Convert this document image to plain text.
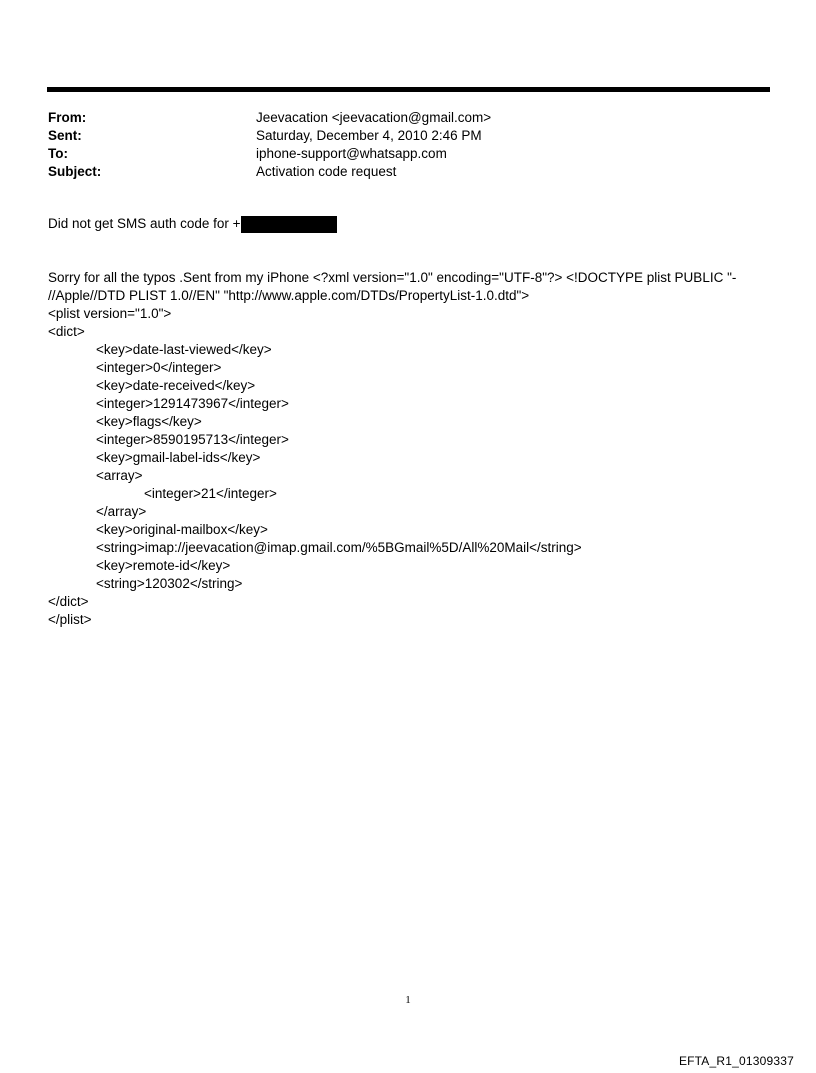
From:	Jeevacation <jeevacation@gmail.com>
Sent:	Saturday, December 4, 2010 2:46 PM
To:	iphone-support@whatsapp.com
Subject:	Activation code request
Did not get SMS auth code for +
Sorry for all the typos .Sent from my iPhone <?xml version="1.0" encoding="UTF-8"?> <!DOCTYPE plist PUBLIC "-
//Apple//DTD PLIST 1.0//EN" "http://www.apple.com/DTDs/PropertyList-1.0.dtd">
<plist version="1.0">
<dict>
<key>date-last-viewed</key>
<integer>0</integer>
<key>date-received</key>
<integer>1291473967</integer>
<key>flags</key>
<integer>8590195713</integer>
<key>gmail-label-ids</key>
<array>
<integer>21</integer>
</array>
<key>original-mailbox</key>
<string>imap://jeevacation@imap.gmail.com/%5BGmail%5D/All%20Mail</string>
<key>remote-id</key>
<string>120302</string>
</dict>
</plist>
1
EFTA_R1_01309337
